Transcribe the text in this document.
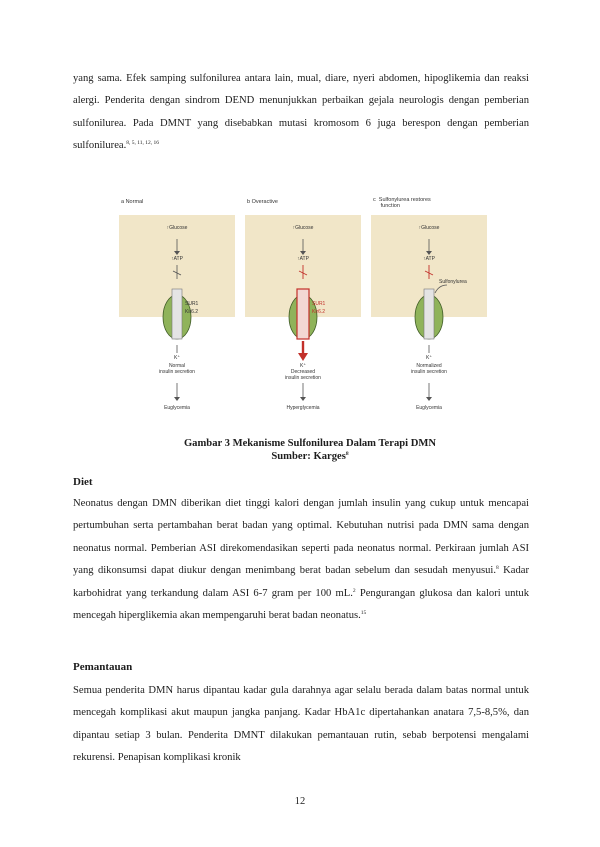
yang sama. Efek samping sulfonilurea antara lain, mual, diare, nyeri abdomen, hipoglikemia dan reaksi alergi. Penderita dengan sindrom DEND menunjukkan perbaikan gejala neurologis dengan pemberian sulfonilurea. Pada DMNT yang disebabkan mutasi kromosom 6 juga berespon dengan pemberian sulfonilurea.$^{8, 5, 11, 12, 16}$

a Normal
↑Glucose
↑ATP
SUR1
Kir6.2
K⁺
Normal
insulin secretion
Euglycemia
b Overactive
↑Glucose
↑ATP
SUR1
Kir6.2
K⁺
Decreased
insulin secretion
Hyperglycemia
c  Sulfonylurea restores
function
↑Glucose
↑ATP
Sulfonylurea
K⁺
Normalized
insulin secretion
Euglycemia
Gambar 3 Mekanisme Sulfonilurea Dalam Terapi DMN
Sumber: Karges$^8$
Diet

Neonatus dengan DMN diberikan diet tinggi kalori dengan jumlah insulin yang cukup untuk mencapai pertumbuhan serta pertambahan berat badan yang optimal. Kebutuhan nutrisi pada DMN sama dengan neonatus normal. Pemberian ASI direkomendasikan seperti pada neonatus normal. Perkiraan jumlah ASI yang dikonsumsi dapat diukur dengan menimbang berat badan sebelum dan sesudah menyusui.$^8$ Kadar karbohidrat yang terkandung dalam ASI 6-7 gram per 100 mL.$^2$ Pengurangan glukosa dan kalori untuk mencegah hiperglikemia akan mempengaruhi berat badan neonatus.$^{15}$

Pemantauan

Semua penderita DMN harus dipantau kadar gula darahnya agar selalu berada dalam batas normal untuk mencegah komplikasi akut maupun jangka panjang. Kadar HbA1c dipertahankan anatara 7,5-8,5%, dan dipantau setiap 3 bulan. Penderita DMNT dilakukan pemantauan rutin, sebab berpotensi mengalami rekurensi. Penapisan komplikasi kronik

12
